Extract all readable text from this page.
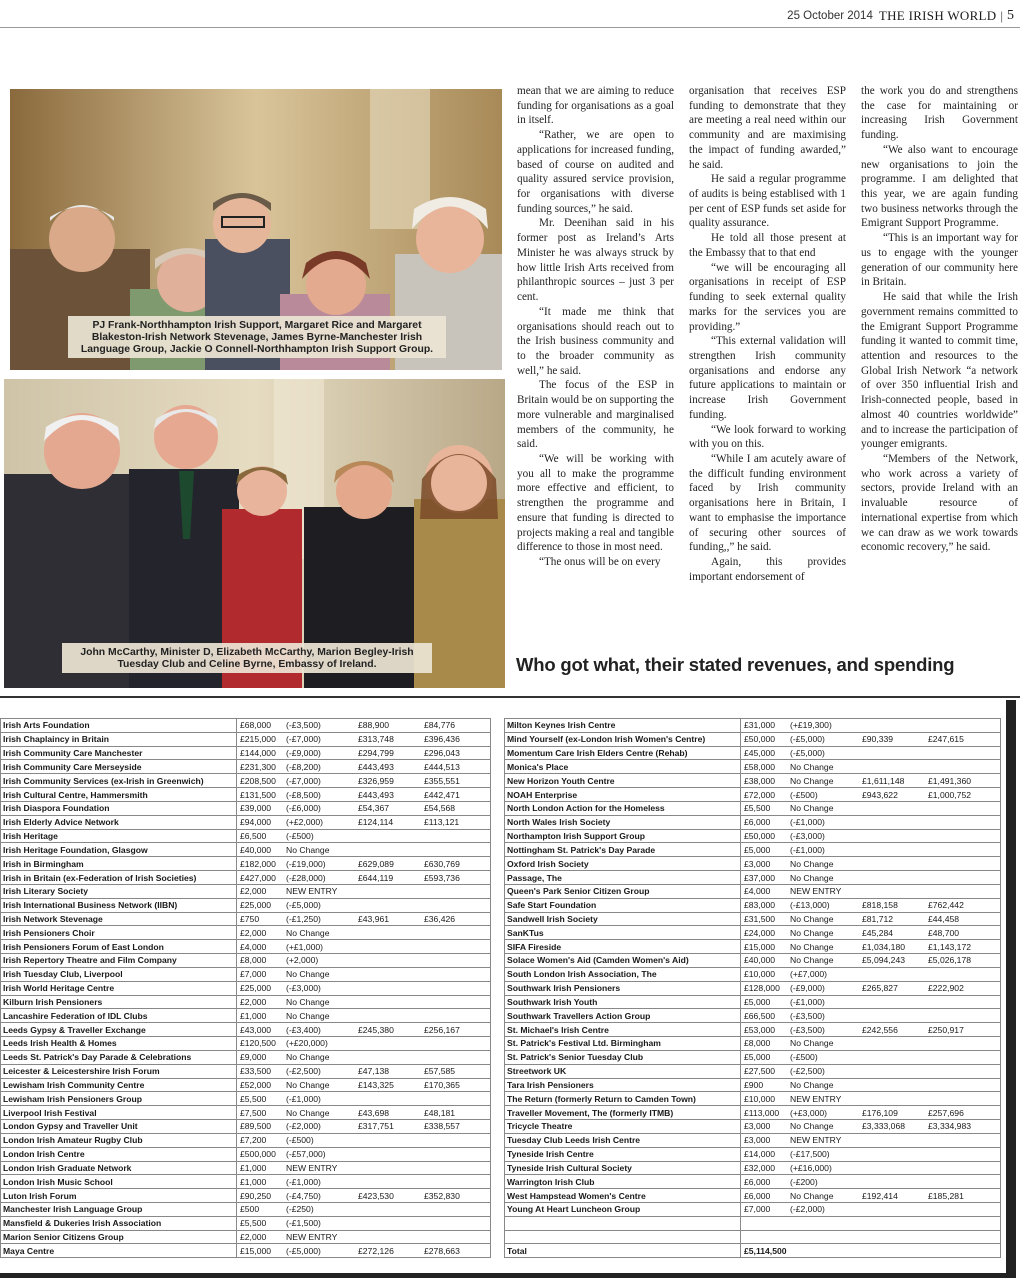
25 October 2014 THE IRISH WORLD | 5
PJ Frank-Northhampton Irish Support, Margaret Rice and Margaret Blakeston-Irish Network Stevenage, James Byrne-Manchester Irish Language Group, Jackie O Connell-Northhampton Irish Support Group.
John McCarthy, Minister D, Elizabeth McCarthy, Marion Begley-Irish Tuesday Club and Celine Byrne, Embassy of Ireland.

mean that we are aiming to reduce funding for organisations as a goal in itself.

“Rather, we are open to applications for increased funding, based of course on audited and quality assured service provision, for organisations with diverse funding sources,” he said.

Mr. Deenihan said in his former post as Ireland’s Arts Minister he was always struck by how little Irish Arts received from philanthropic sources – just 3 per cent.

“It made me think that organisations should reach out to the Irish business community and to the broader community as well,” he said.

The focus of the ESP in Britain would be on supporting the more vulnerable and marginalised members of the community, he said.

“We will be working with you all to make the programme more effective and efficient, to strengthen the programme and ensure that funding is directed to projects making a real and tangible difference to those in most need.

“The onus will be on every

organisation that receives ESP funding to demonstrate that they are meeting a real need within our community and are maximising the impact of funding awarded,” he said.

He said a regular programme of audits is being establised with 1 per cent of ESP funds set aside for quality assurance.

He told all those present at the Embassy that to that end

“we will be encouraging all organisations in receipt of ESP funding to seek external quality marks for the services you are providing.”

“This external validation will strengthen Irish community organisations and endorse any future applications to maintain or increase Irish Government funding.

“We look forward to working with you on this.

“While I am acutely aware of the difficult funding environment faced by Irish community organisations here in Britain, I want to emphasise the importance of securing other sources of funding,,” he said.

Again, this provides important endorsement of

the work you do and strengthens the case for maintaining or increasing Irish Government funding.

“We also want to encourage new organisations to join the programme. I am delighted that this year, we are again funding two business networks through the Emigrant Support Programme.

“This is an important way for us to engage with the younger generation of our community here in Britain.

He said that while the Irish government remains committed to the Emigrant Support Programme funding it wanted to commit time, attention and resources to the Global Irish Network “a network of over 350 influential Irish and Irish-connected people, based in almost 40 countries worldwide” and to increase the participation of younger emigrants.

“Members of the Network, who work across a variety of sectors, provide Ireland with an invaluable resource of international expertise from which we can draw as we work towards economic recovery,” he said.

Who got what, their stated revenues, and spending
Irish Arts Foundation	£68,000 (-£3,500) £88,900 £84,776
Irish Chaplaincy in Britain	£215,000 (-£7,000) £313,748 £396,436
Irish Community Care Manchester	£144,000 (-£9,000) £294,799 £296,043
Irish Community Care Merseyside	£231,300 (-£8,200) £443,493 £444,513
Irish Community Services (ex-Irish in Greenwich)	£208,500 (-£7,000) £326,959 £355,551
Irish Cultural Centre, Hammersmith	£131,500 (-£8,500) £443,493 £442,471
Irish Diaspora Foundation	£39,000 (-£6,000) £54,367 £54,568
Irish Elderly Advice Network	£94,000 (+£2,000) £124,114 £113,121
Irish Heritage	£6,500 (-£500)
Irish Heritage Foundation, Glasgow	£40,000 No Change
Irish in Birmingham	£182,000 (-£19,000) £629,089 £630,769
Irish in Britain (ex-Federation of Irish Societies)	£427,000 (-£28,000) £644,119 £593,736
Irish Literary Society	£2,000 NEW ENTRY
Irish International Business Network (IIBN)	£25,000 (-£5,000)
Irish Network Stevenage	£750 (-£1,250) £43,961 £36,426
Irish Pensioners Choir	£2,000 No Change
Irish Pensioners Forum of East London	£4,000 (+£1,000)
Irish Repertory Theatre and Film Company	£8,000 (+2,000)
Irish Tuesday Club, Liverpool	£7,000 No Change
Irish World Heritage Centre	£25,000 (-£3,000)
Kilburn Irish Pensioners	£2,000 No Change
Lancashire Federation of IDL Clubs	£1,000 No Change
Leeds Gypsy & Traveller Exchange	£43,000 (-£3,400) £245,380 £256,167
Leeds Irish Health & Homes	£120,500 (+£20,000)
Leeds St. Patrick's Day Parade & Celebrations	£9,000 No Change
Leicester & Leicestershire Irish Forum	£33,500 (-£2,500) £47,138 £57,585
Lewisham Irish Community Centre	£52,000 No Change £143,325 £170,365
Lewisham Irish Pensioners Group	£5,500 (-£1,000)
Liverpool Irish Festival	£7,500 No Change £43,698 £48,181
London Gypsy and Traveller Unit	£89,500 (-£2,000) £317,751 £338,557
London Irish Amateur Rugby Club	£7,200 (-£500)
London Irish Centre	£500,000 (-£57,000)
London Irish Graduate Network	£1,000 NEW ENTRY
London Irish Music School	£1,000 (-£1,000)
Luton Irish Forum	£90,250 (-£4,750) £423,530 £352,830
Manchester Irish Language Group	£500 (-£250)
Mansfield & Dukeries Irish Association	£5,500 (-£1,500)
Marion Senior Citizens Group	£2,000 NEW ENTRY
Maya Centre	£15,000 (-£5,000) £272,126 £278,663
Milton Keynes Irish Centre	£31,000 (+£19,300)
Mind Yourself (ex-London Irish Women's Centre)	£50,000 (-£5,000) £90,339 £247,615
Momentum Care Irish Elders Centre (Rehab)	£45,000 (-£5,000)
Monica's Place	£58,000 No Change
New Horizon Youth Centre	£38,000 No Change £1,611,148 £1,491,360
NOAH Enterprise	£72,000 (-£500) £943,622 £1,000,752
North London Action for the Homeless	£5,500 No Change
North Wales Irish Society	£6,000 (-£1,000)
Northampton Irish Support Group	£50,000 (-£3,000)
Nottingham St. Patrick's Day Parade	£5,000 (-£1,000)
Oxford Irish Society	£3,000 No Change
Passage, The	£37,000 No Change
Queen's Park Senior Citizen Group	£4,000 NEW ENTRY
Safe Start Foundation	£83,000 (-£13,000) £818,158 £762,442
Sandwell Irish Society	£31,500 No Change £81,712 £44,458
SanKTus	£24,000 No Change £45,284 £48,700
SIFA Fireside	£15,000 No Change £1,034,180 £1,143,172
Solace Women's Aid (Camden Women's Aid)	£40,000 No Change £5,094,243 £5,026,178
South London Irish Association, The	£10,000 (+£7,000)
Southwark Irish Pensioners	£128,000 (-£9,000) £265,827 £222,902
Southwark Irish Youth	£5,000 (-£1,000)
Southwark Travellers Action Group	£66,500 (-£3,500)
St. Michael's Irish Centre	£53,000 (-£3,500) £242,556 £250,917
St. Patrick's Festival Ltd. Birmingham	£8,000 No Change
St. Patrick's Senior Tuesday Club	£5,000 (-£500)
Streetwork UK	£27,500 (-£2,500)
Tara Irish Pensioners	£900 No Change
The Return (formerly Return to Camden Town)	£10,000 NEW ENTRY
Traveller Movement, The (formerly ITMB)	£113,000 (+£3,000) £176,109 £257,696
Tricycle Theatre	£3,000 No Change £3,333,068 £3,334,983
Tuesday Club Leeds Irish Centre	£3,000 NEW ENTRY
Tyneside Irish Centre	£14,000 (-£17,500)
Tyneside Irish Cultural Society	£32,000 (+£16,000)
Warrington Irish Club	£6,000 (-£200)
West Hampstead Women's Centre	£6,000 No Change £192,414 £185,281
Young At Heart Luncheon Group	£7,000 (-£2,000)

Total	£5,114,500
